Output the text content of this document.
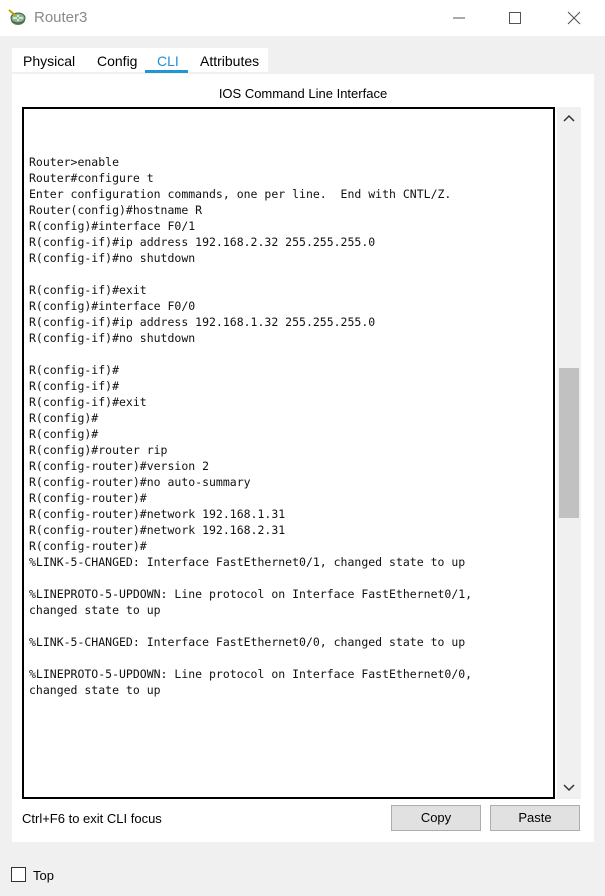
Router3
Physical Config CLI Attributes
IOS Command Line Interface
Router>enable
Router#configure t
Enter configuration commands, one per line.  End with CNTL/Z.
Router(config)#hostname R
R(config)#interface F0/1
R(config-if)#ip address 192.168.2.32 255.255.255.0
R(config-if)#no shutdown

R(config-if)#exit
R(config)#interface F0/0
R(config-if)#ip address 192.168.1.32 255.255.255.0
R(config-if)#no shutdown

R(config-if)#
R(config-if)#
R(config-if)#exit
R(config)#
R(config)#
R(config)#router rip
R(config-router)#version 2
R(config-router)#no auto-summary
R(config-router)#
R(config-router)#network 192.168.1.31
R(config-router)#network 192.168.2.31
R(config-router)#
%LINK-5-CHANGED: Interface FastEthernet0/1, changed state to up

%LINEPROTO-5-UPDOWN: Line protocol on Interface FastEthernet0/1,
changed state to up

%LINK-5-CHANGED: Interface FastEthernet0/0, changed state to up

%LINEPROTO-5-UPDOWN: Line protocol on Interface FastEthernet0/0,
changed state to up
Ctrl+F6 to exit CLI focus	Copy	Paste
Top
